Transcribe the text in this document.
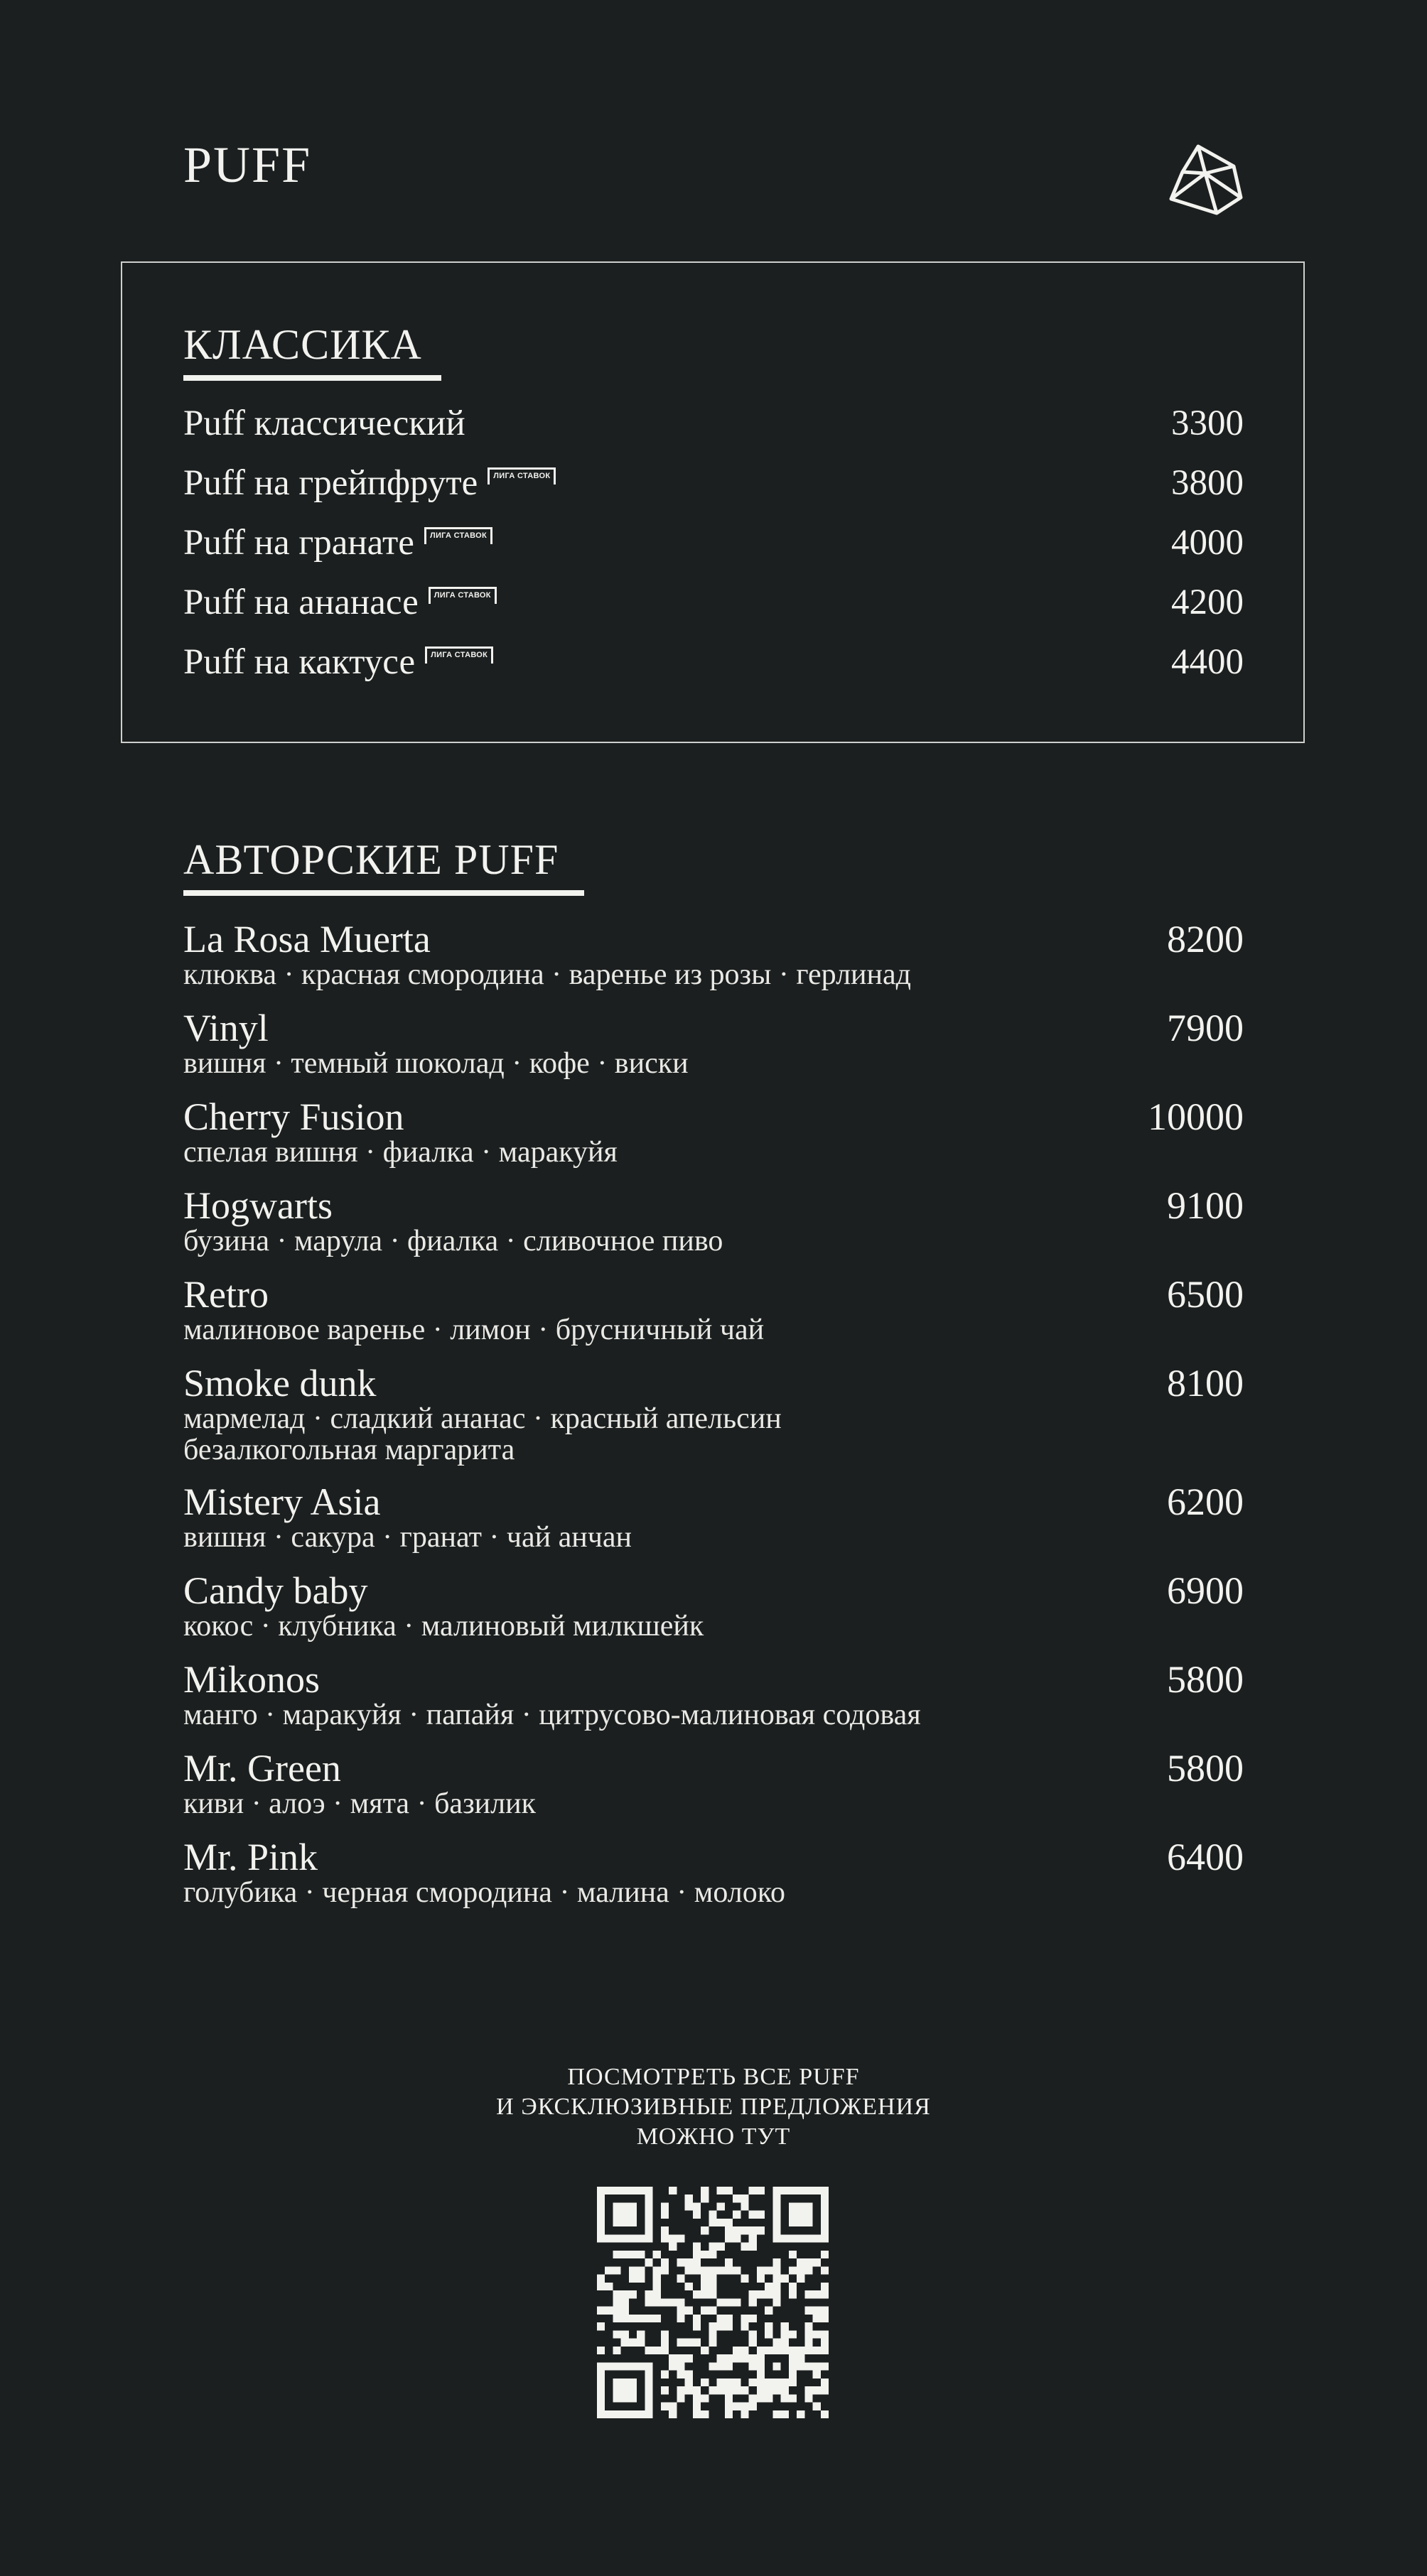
PUFF
КЛАССИКА
Puff классический	3300
Puff на грейпфруте	ЛИГА СТАВОК	3800
Puff на гранате	ЛИГА СТАВОК	4000
Puff на ананасе	ЛИГА СТАВОК	4200
Puff на кактусе	ЛИГА СТАВОК	4400
АВТОРСКИЕ PUFF
La Rosa Muerta	8200
клюква · красная смородина · варенье из розы · герлинад
Vinyl	7900
вишня · темный шоколад · кофе · виски
Cherry Fusion	10000
спелая вишня · фиалка · маракуйя
Hogwarts	9100
бузина · марула · фиалка · сливочное пиво
Retro	6500
малиновое варенье · лимон · брусничный чай
Smoke dunk	8100
мармелад · сладкий ананас · красный апельсин
безалкогольная маргарита
Mistery Asia	6200
вишня · сакура · гранат · чай анчан
Candy baby	6900
кокос · клубника · малиновый милкшейк
Mikonos	5800
манго · маракуйя · папайя · цитрусово-малиновая содовая
Mr. Green	5800
киви · алоэ · мята · базилик
Mr. Pink	6400
голубика · черная смородина · малина · молоко
ПОСМОТРЕТЬ ВСЕ PUFF
И ЭКСКЛЮЗИВНЫЕ ПРЕДЛОЖЕНИЯ
МОЖНО ТУТ
